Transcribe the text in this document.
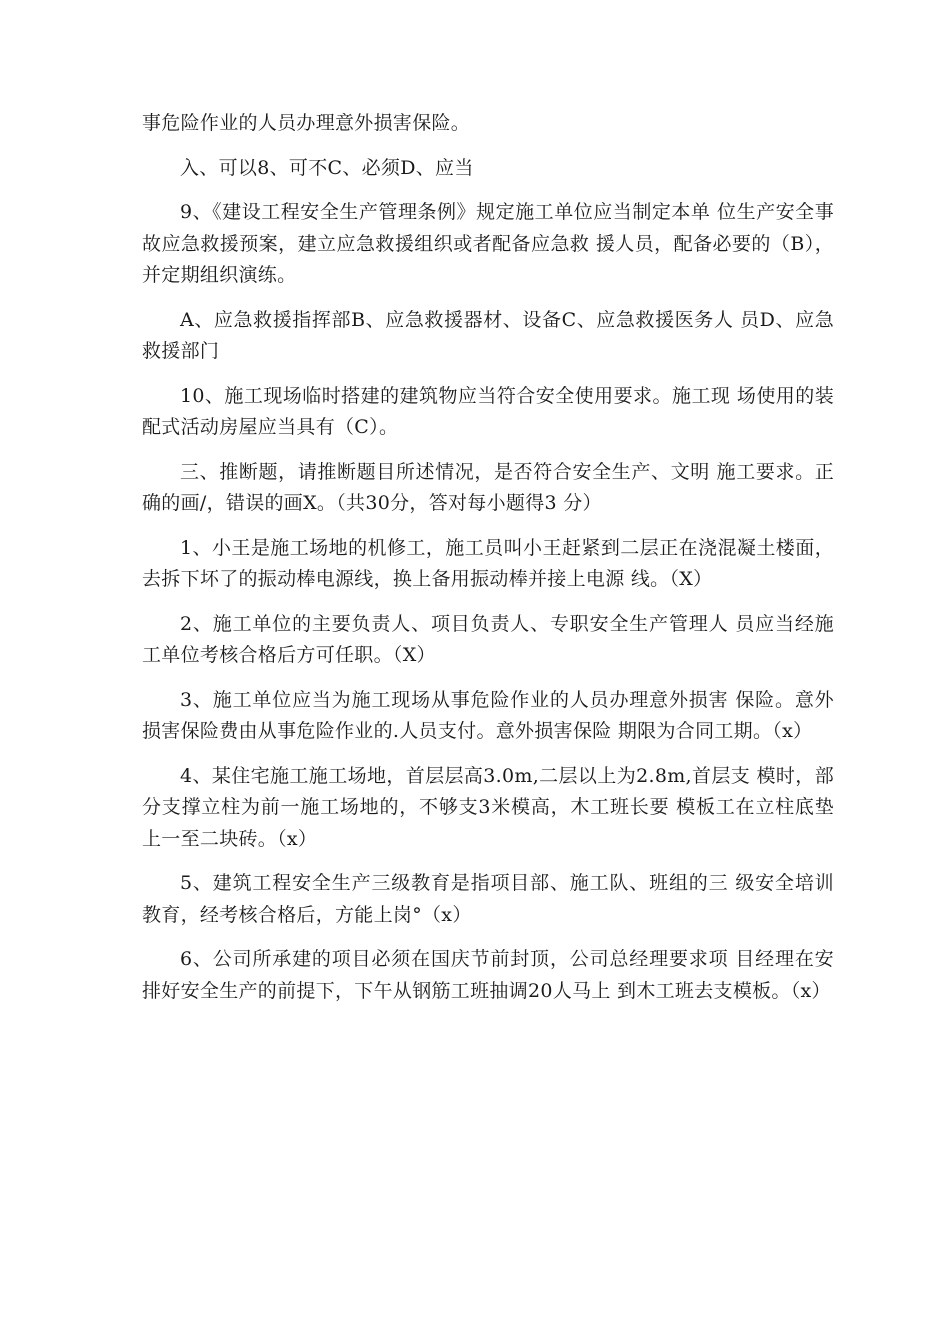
事危险作业的人员办理意外损害保险。

入、可以8、可不C、必须D、应当

9、《建设工程安全生产管理条例》规定施工单位应当制定本单 位生产安全事故应急救援预案，建立应急救援组织或者配备应急救 援人员，配备必要的（B），并定期组织演练。

A、应急救援指挥部B、应急救援器材、设备C、应急救援医务人 员D、应急救援部门

10、施工现场临时搭建的建筑物应当符合安全使用要求。施工现 场使用的装配式活动房屋应当具有（C）。

三、推断题，请推断题目所述情况，是否符合安全生产、文明 施工要求。正确的画/，错误的画X。（共30分，答对每小题得3 分）

1、小王是施工场地的机修工，施工员叫小王赶紧到二层正在浇混凝土楼面，去拆下坏了的振动棒电源线，换上备用振动棒并接上电源 线。（X）

2、施工单位的主要负责人、项目负责人、专职安全生产管理人 员应当经施工单位考核合格后方可任职。（X）

3、施工单位应当为施工现场从事危险作业的人员办理意外损害 保险。意外损害保险费由从事危险作业的.人员支付。意外损害保险 期限为合同工期。（x）

4、某住宅施工施工场地，首层层高3.0m,二层以上为2.8m,首层支 模时，部分支撑立柱为前一施工场地的，不够支3米模高，木工班长要 模板工在立柱底垫上一至二块砖。（x）

5、建筑工程安全生产三级教育是指项目部、施工队、班组的三 级安全培训教育，经考核合格后，方能上岗°（x）

6、公司所承建的项目必须在国庆节前封顶，公司总经理要求项 目经理在安排好安全生产的前提下，下午从钢筋工班抽调20人马上 到木工班去支模板。（x）
